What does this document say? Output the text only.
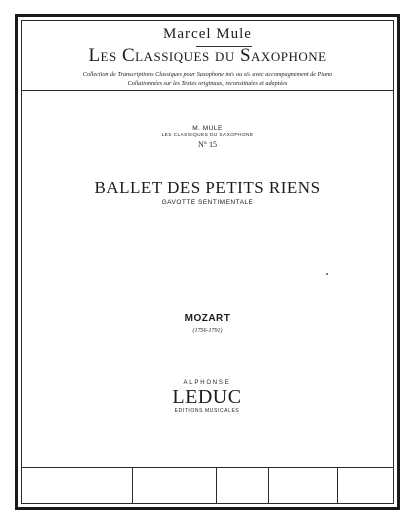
Marcel Mule
Les Classiques du Saxophone
Collection de Transcriptions Classiques pour Saxophone mi♭ ou si♭ avec accompagnement de Piano
Collationnées sur les Textes originaux, reconstituées et adaptées
M. MULE
LES CLASSIQUES DU SAXOPHONE
N° 15
BALLET DES PETITS RIENS
GAVOTTE SENTIMENTALE
MOZART
(1756-1791)
ALPHONSE
LEDUC
EDITIONS MUSICALES
